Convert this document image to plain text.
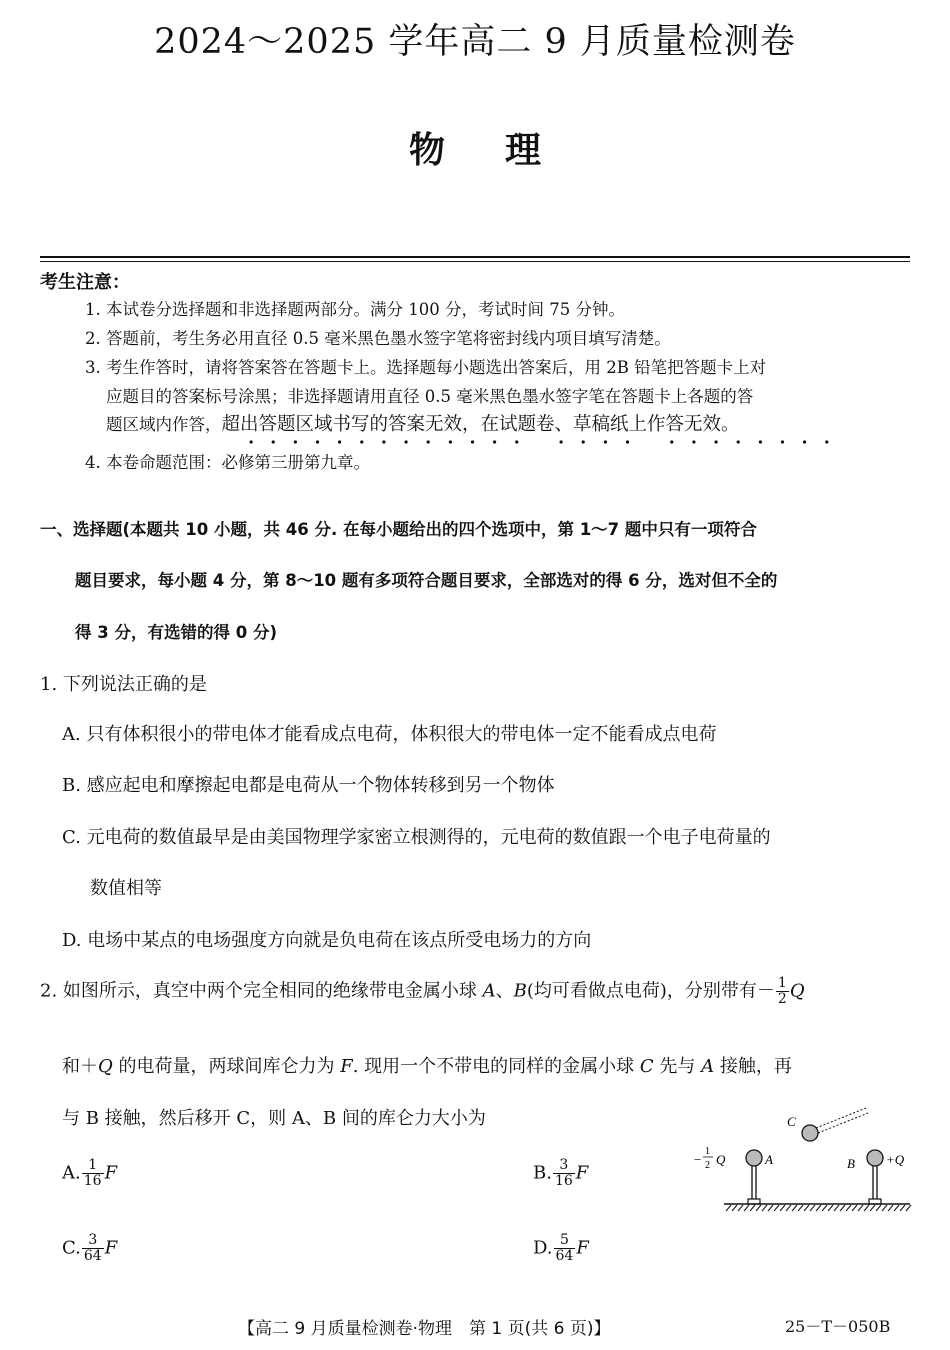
2024～2025 学年高二 9 月质量检测卷
物理
考生注意：
1. 本试卷分选择题和非选择题两部分。满分 100 分，考试时间 75 分钟。
2. 答题前，考生务必用直径 0.5 毫米黑色墨水签字笔将密封线内项目填写清楚。
3. 考生作答时，请将答案答在答题卡上。选择题每小题选出答案后，用 2B 铅笔把答题卡上对
应题目的答案标号涂黑；非选择题请用直径 0.5 毫米黑色墨水签字笔在答题卡上各题的答
题区域内作答，超出答题区域书写的答案无效，在试题卷、草稿纸上作答无效。
4. 本卷命题范围：必修第三册第九章。
一、选择题(本题共 10 小题，共 46 分. 在每小题给出的四个选项中，第 1～7 题中只有一项符合
题目要求，每小题 4 分，第 8～10 题有多项符合题目要求，全部选对的得 6 分，选对但不全的
得 3 分，有选错的得 0 分)
1. 下列说法正确的是
A. 只有体积很小的带电体才能看成点电荷，体积很大的带电体一定不能看成点电荷
B. 感应起电和摩擦起电都是电荷从一个物体转移到另一个物体
C. 元电荷的数值最早是由美国物理学家密立根测得的，元电荷的数值跟一个电子电荷量的
数值相等
D. 电场中某点的电场强度方向就是负电荷在该点所受电场力的方向
2. 如图所示，真空中两个完全相同的绝缘带电金属小球 A、B(均可看做点电荷)，分别带有－ $\frac{1}{2}$ Q
和＋Q 的电荷量，两球间库仑力为 F. 现用一个不带电的同样的金属小球 C 先与 A 接触，再
与 B 接触，然后移开 C，则 A、B 间的库仑力大小为
A. $\frac{1}{16}$ F	B. $\frac{3}{16}$ F
C. $\frac{3}{64}$ F	D. $\frac{5}{64}$ F
C
−
1
2 Q	A	B +Q
【高二 9 月质量检测卷·物理　第 1 页(共 6 页)】	25－T－050B
